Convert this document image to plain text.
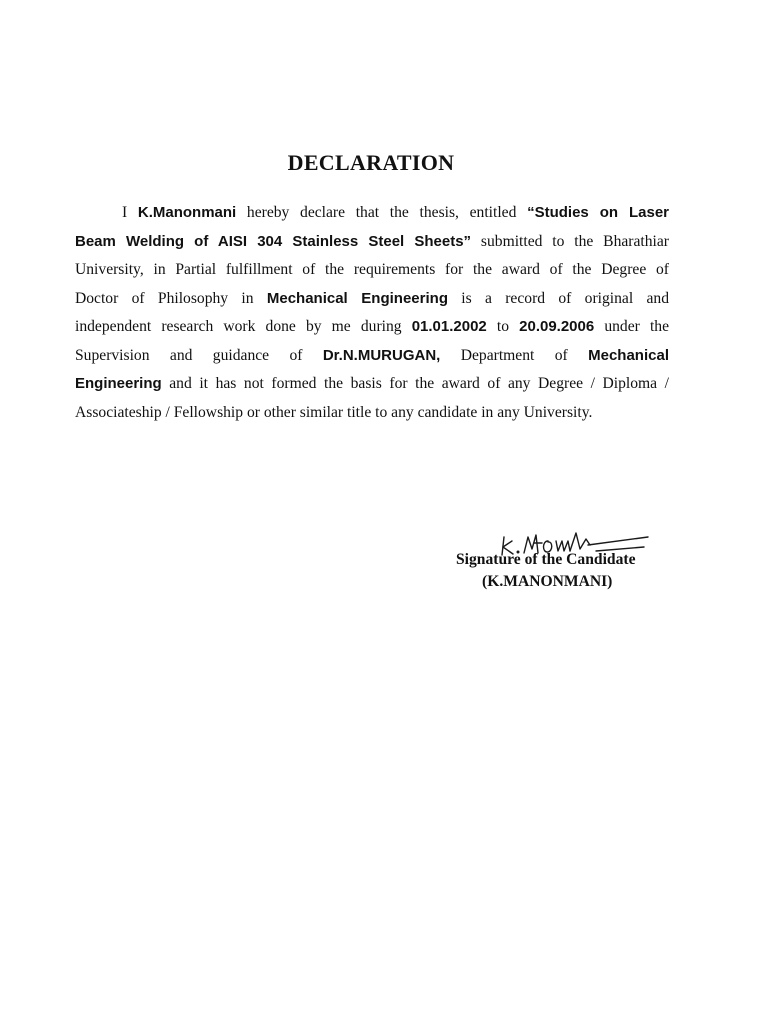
DECLARATION
I K.Manonmani hereby declare that the thesis, entitled “Studies on Laser
Beam Welding of AISI 304 Stainless Steel Sheets” submitted to the Bharathiar
University, in Partial fulfillment of the requirements for the award of the Degree of
Doctor of Philosophy in Mechanical Engineering is a record of original and
independent research work done by me during 01.01.2002 to 20.09.2006 under the
Supervision and guidance of Dr.N.MURUGAN, Department of Mechanical
Engineering and it has not formed the basis for the award of any Degree / Diploma /
Associateship / Fellowship or other similar title to any candidate in any University.
Signature of the Candidate
(K.MANONMANI)
